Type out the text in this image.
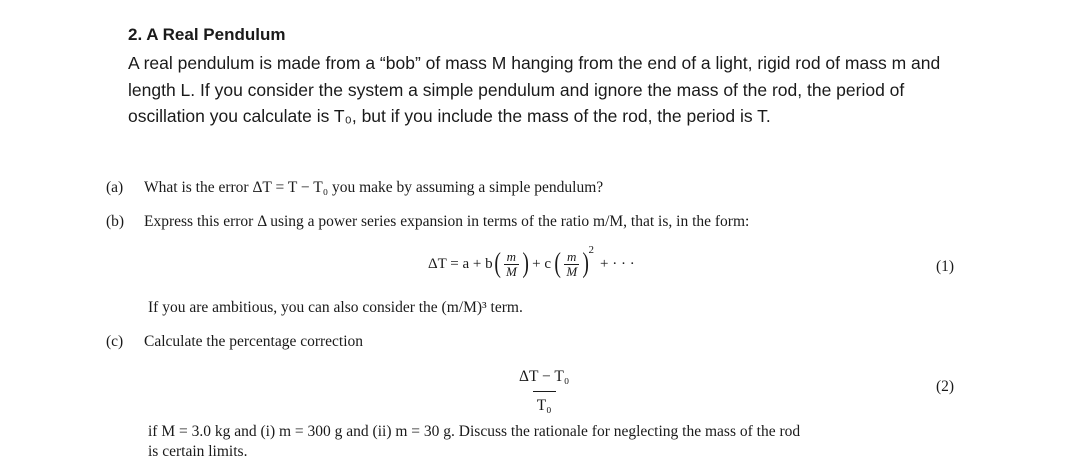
2. A Real Pendulum

A real pendulum is made from a “bob” of mass M hanging from the end of a light, rigid rod of mass m and length L. If you consider the system a simple pendulum and ignore the mass of the rod, the period of oscillation you calculate is T₀, but if you include the mass of the rod, the period is T.

(a) What is the error ΔT = T − T₀ you make by assuming a simple pendulum?
(b) Express this error Δ using a power series expansion in terms of the ratio m/M, that is, in the form:
ΔT = a + b ( $\frac{m}{M}$ ) + c ( $\frac{m}{M}$ ) 2
+ · · ·	(1)
If you are ambitious, you can also consider the (m/M)³ term.
(c) Calculate the percentage correction
$\frac{\text{ΔT − T₀}}{\text{T₀}}$	(2)
if M = 3.0 kg and (i) m = 300 g and (ii) m = 30 g. Discuss the rationale for neglecting the mass of the rod
is certain limits.
